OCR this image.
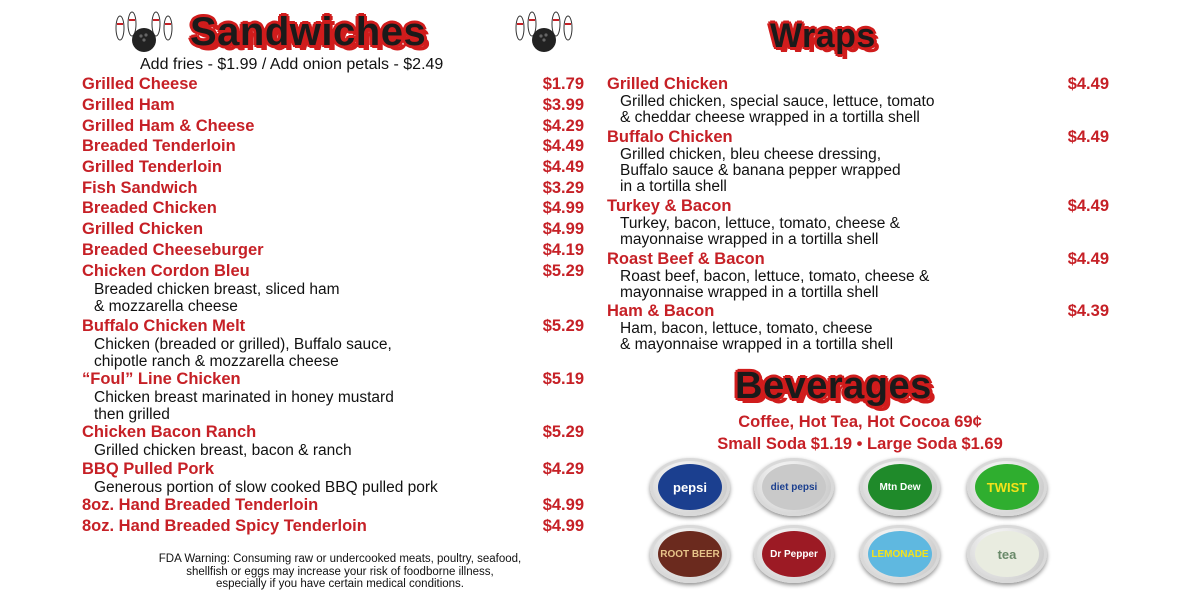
Sandwiches
Add fries - $1.99 / Add onion petals - $2.49
Grilled Cheese	$1.79
Grilled Ham	$3.99
Grilled Ham & Cheese	$4.29
Breaded Tenderloin	$4.49
Grilled Tenderloin	$4.49
Fish Sandwich	$3.29
Breaded Chicken	$4.99
Grilled Chicken	$4.99
Breaded Cheeseburger	$4.19
Chicken Cordon Bleu	$5.29
Breaded chicken breast, sliced ham
& mozzarella cheese
Buffalo Chicken Melt	$5.29
Chicken (breaded or grilled), Buffalo sauce,
chipotle ranch & mozzarella cheese
“Foul” Line Chicken	$5.19
Chicken breast marinated in honey mustard
then grilled
Chicken Bacon Ranch	$5.29
Grilled chicken breast, bacon & ranch
BBQ Pulled Pork	$4.29
Generous portion of slow cooked BBQ pulled pork
8oz. Hand Breaded Tenderloin	$4.99
8oz. Hand Breaded Spicy Tenderloin	$4.99
FDA Warning: Consuming raw or undercooked meats, poultry, seafood,
shellfish or eggs may increase your risk of foodborne illness,
especially if you have certain medical conditions.
Wraps
Grilled Chicken	$4.49
Grilled chicken, special sauce, lettuce, tomato
& cheddar cheese wrapped in a tortilla shell
Buffalo Chicken	$4.49
Grilled chicken, bleu cheese dressing,
Buffalo sauce & banana pepper wrapped
in a tortilla shell
Turkey & Bacon	$4.49
Turkey, bacon, lettuce, tomato, cheese &
mayonnaise wrapped in a tortilla shell
Roast Beef & Bacon	$4.49
Roast beef, bacon, lettuce, tomato, cheese &
mayonnaise wrapped in a tortilla shell
Ham & Bacon	$4.39
Ham, bacon, lettuce, tomato, cheese
& mayonnaise wrapped in a tortilla shell
Beverages
Coffee, Hot Tea, Hot Cocoa 69¢
Small Soda $1.19 • Large Soda $1.69
pepsi	diet pepsi	Mtn Dew	TWIST
ROOT BEER	Dr Pepper	LEMONADE	tea
